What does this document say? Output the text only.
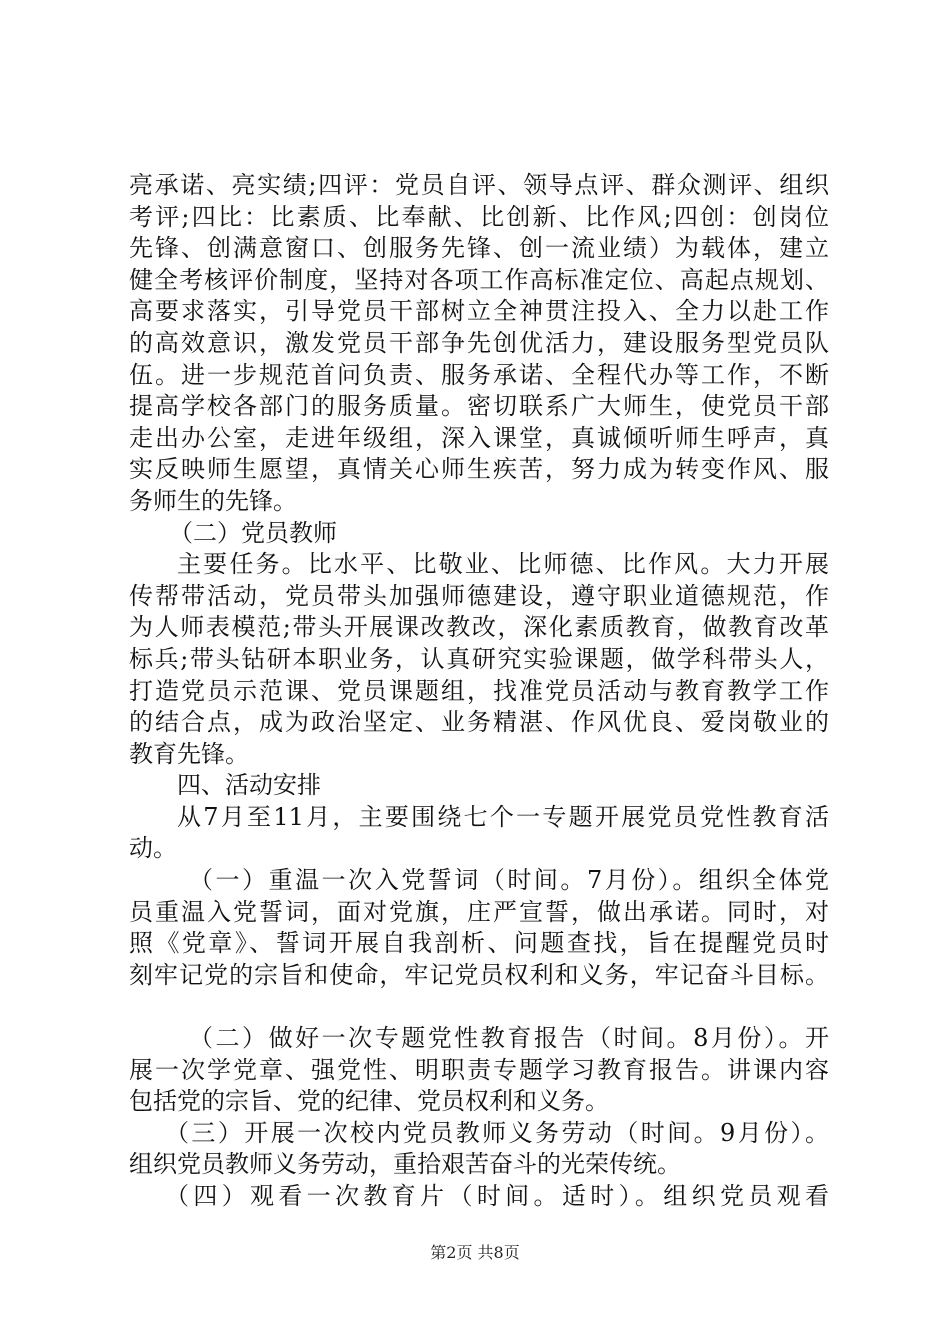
亮承诺、亮实绩;四评：党员自评、领导点评、群众测评、组织
考评;四比：比素质、比奉献、比创新、比作风;四创：创岗位
先锋、创满意窗口、创服务先锋、创一流业绩）为载体，建立
健全考核评价制度，坚持对各项工作高标准定位、高起点规划、
高要求落实，引导党员干部树立全神贯注投入、全力以赴工作
的高效意识，激发党员干部争先创优活力，建设服务型党员队
伍。进一步规范首问负责、服务承诺、全程代办等工作，不断
提高学校各部门的服务质量。密切联系广大师生，使党员干部
走出办公室，走进年级组，深入课堂，真诚倾听师生呼声，真
实反映师生愿望，真情关心师生疾苦，努力成为转变作风、服
务师生的先锋。
（二）党员教师
主要任务。比水平、比敬业、比师德、比作风。大力开展
传帮带活动，党员带头加强师德建设，遵守职业道德规范，作
为人师表模范;带头开展课改教改，深化素质教育，做教育改革
标兵;带头钻研本职业务，认真研究实验课题，做学科带头人，
打造党员示范课、党员课题组，找准党员活动与教育教学工作
的结合点，成为政治坚定、业务精湛、作风优良、爱岗敬业的
教育先锋。
四、活动安排
从7月至11月，主要围绕七个一专题开展党员党性教育活
动。
（一）重温一次入党誓词（时间。7月份）。组织全体党
员重温入党誓词，面对党旗，庄严宣誓，做出承诺。同时，对
照《党章》、誓词开展自我剖析、问题查找，旨在提醒党员时
刻牢记党的宗旨和使命，牢记党员权利和义务，牢记奋斗目标。
（二）做好一次专题党性教育报告（时间。8月份）。开
展一次学党章、强党性、明职责专题学习教育报告。讲课内容
包括党的宗旨、党的纪律、党员权利和义务。
（三）开展一次校内党员教师义务劳动（时间。9月份）。
组织党员教师义务劳动，重拾艰苦奋斗的光荣传统。
（四）观看一次教育片（时间。适时）。组织党员观看
第2页 共8页
